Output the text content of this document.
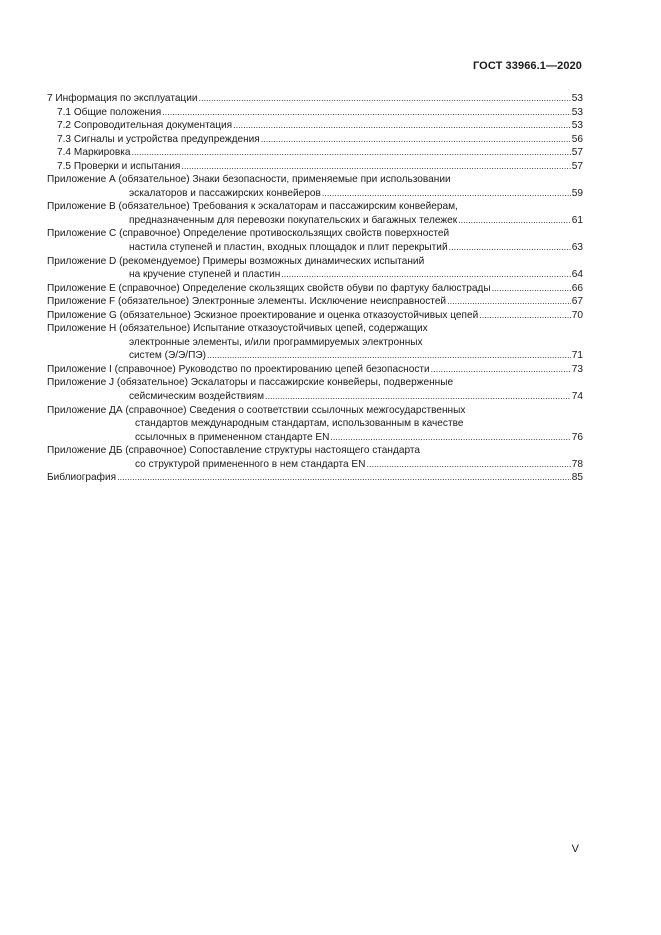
ГОСТ 33966.1—2020
7 Информация по эксплуатации .....	53
7.1 Общие положения .....	53
7.2 Сопроводительная документация .....	53
7.3 Сигналы и устройства предупреждения .....	56
7.4 Маркировка .....	57
7.5 Проверки и испытания .....	57
Приложение А (обязательное) Знаки безопасности, применяемые при использовании
эскалаторов и пассажирских конвейеров .....	59
Приложение В (обязательное) Требования к эскалаторам и пассажирским конвейерам,
предназначенным для перевозки покупательских и багажных тележек .....	61
Приложение С (справочное) Определение противоскользящих свойств поверхностей
настила ступеней и пластин, входных площадок и плит перекрытий .....	63
Приложение D (рекомендуемое) Примеры возможных динамических испытаний
на кручение ступеней и пластин .....	64
Приложение Е (справочное) Определение скользящих свойств обуви по фартуку балюстрады .....	66
Приложение F (обязательное) Электронные элементы. Исключение неисправностей .....	67
Приложение G (обязательное) Эскизное проектирование и оценка отказоустойчивых цепей .....	70
Приложение Н (обязательное) Испытание отказоустойчивых цепей, содержащих
электронные элементы, и/или программируемых электронных
систем (Э/Э/ПЭ) .....	71
Приложение I (справочное) Руководство по проектированию цепей безопасности .....	73
Приложение J (обязательное) Эскалаторы и пассажирские конвейеры, подверженные
сейсмическим воздействиям .....	74
Приложение ДА (справочное) Сведения о соответствии ссылочных межгосударственных
стандартов международным стандартам, использованным в качестве
ссылочных в примененном стандарте EN .....	76
Приложение ДБ (справочное) Сопоставление структуры настоящего стандарта
со структурой примененного в нем стандарта EN .....	78
Библиография .....	85
V
